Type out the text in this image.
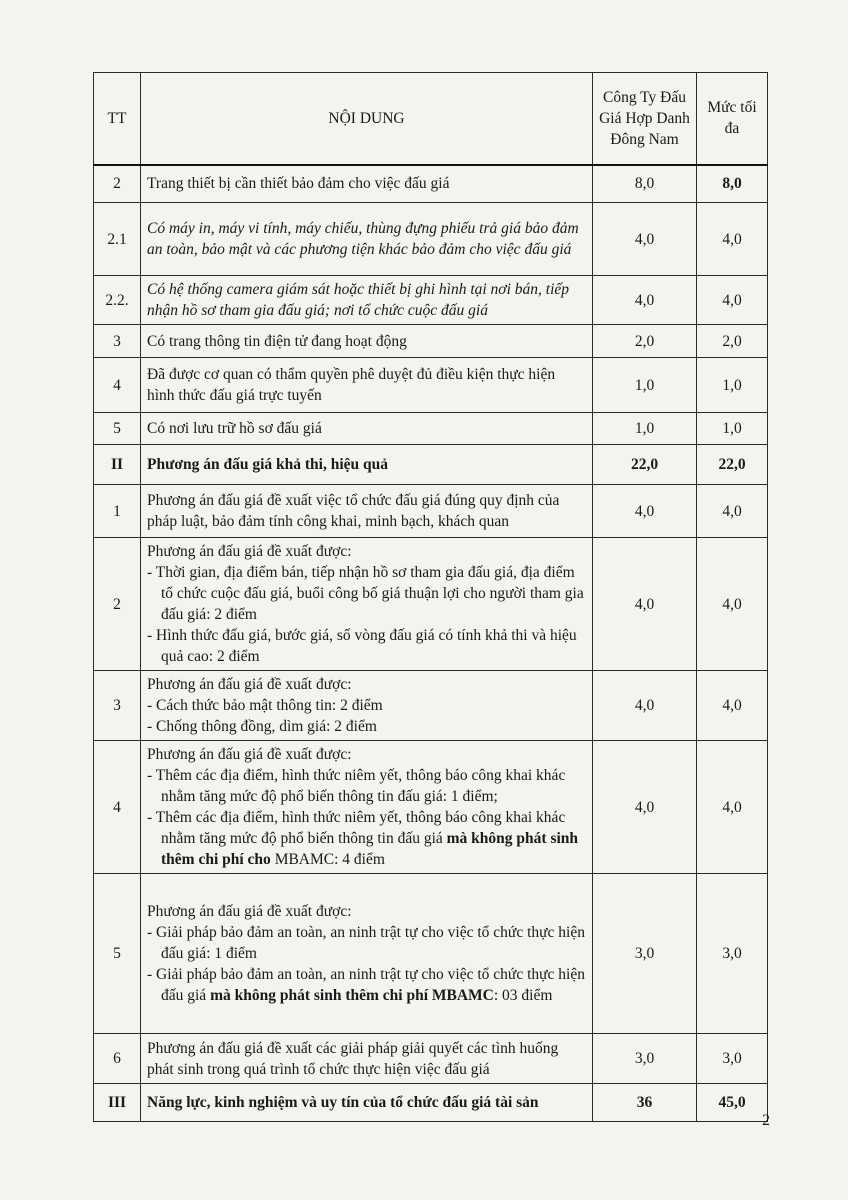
TT	NỘI DUNG	Công Ty Đấu Giá Hợp Danh Đông Nam	Mức tối đa
2	Trang thiết bị cần thiết bảo đảm cho việc đấu giá	8,0	8,0
2.1	Có máy in, máy vi tính, máy chiếu, thùng đựng phiếu trả giá bảo đảm an toàn, bảo mật và các phương tiện khác bảo đảm cho việc đấu giá	4,0	4,0
2.2.	Có hệ thống camera giám sát hoặc thiết bị ghi hình tại nơi bán, tiếp nhận hồ sơ tham gia đấu giá; nơi tổ chức cuộc đấu giá	4,0	4,0
3	Có trang thông tin điện tử đang hoạt động	2,0	2,0
4	Đã được cơ quan có thẩm quyền phê duyệt đủ điều kiện thực hiện hình thức đấu giá trực tuyến	1,0	1,0
5	Có nơi lưu trữ hồ sơ đấu giá	1,0	1,0
II	Phương án đấu giá khả thi, hiệu quả	22,0	22,0
1	Phương án đấu giá đề xuất việc tổ chức đấu giá đúng quy định của pháp luật, bảo đảm tính công khai, minh bạch, khách quan	4,0	4,0
2	Phương án đấu giá đề xuất được:
- Thời gian, địa điểm bán, tiếp nhận hồ sơ tham gia đấu giá, địa điểm tổ chức cuộc đấu giá, buổi công bố giá thuận lợi cho người tham gia đấu giá: 2 điểm
- Hình thức đấu giá, bước giá, số vòng đấu giá có tính khả thi và hiệu quả cao: 2 điểm	4,0	4,0
3	Phương án đấu giá đề xuất được:
- Cách thức bảo mật thông tin: 2 điểm
- Chống thông đồng, dìm giá: 2 điểm	4,0	4,0
4	Phương án đấu giá đề xuất được:
- Thêm các địa điểm, hình thức niêm yết, thông báo công khai khác nhằm tăng mức độ phổ biến thông tin đấu giá: 1 điểm;
- Thêm các địa điểm, hình thức niêm yết, thông báo công khai khác nhằm tăng mức độ phổ biến thông tin đấu giá mà không phát sinh thêm chi phí cho MBAMC: 4 điểm	4,0	4,0
5	Phương án đấu giá đề xuất được:
- Giải pháp bảo đảm an toàn, an ninh trật tự cho việc tổ chức thực hiện đấu giá: 1 điểm
- Giải pháp bảo đảm an toàn, an ninh trật tự cho việc tổ chức thực hiện đấu giá mà không phát sinh thêm chi phí MBAMC: 03 điểm	3,0	3,0
6	Phương án đấu giá đề xuất các giải pháp giải quyết các tình huống phát sinh trong quá trình tổ chức thực hiện việc đấu giá	3,0	3,0
III	Năng lực, kinh nghiệm và uy tín của tổ chức đấu giá tài sản	36	45,0
2
